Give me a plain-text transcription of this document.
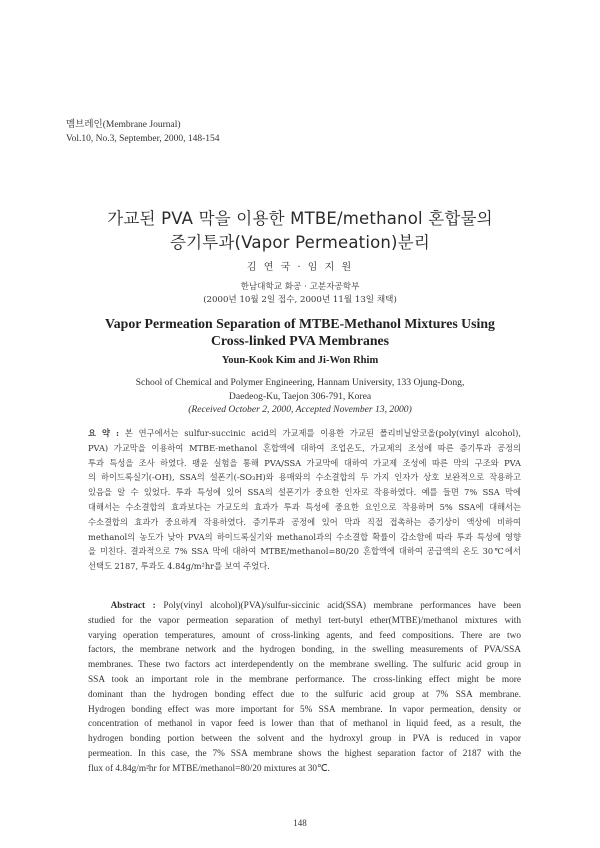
멤브레인(Membrane Journal)
Vol.10, No.3, September, 2000, 148-154
가교된 PVA 막을 이용한 MTBE/methanol 혼합물의
증기투과(Vapor Permeation)분리
김 연 국 · 임 지 원
한남대학교 화공 · 고분자공학부
(2000년 10월 2일 접수, 2000년 11월 13일 채택)
Vapor Permeation Separation of MTBE-Methanol Mixtures Using
Cross-linked PVA Membranes
Youn-Kook Kim and Ji-Won Rhim
School of Chemical and Polymer Engineering, Hannam University, 133 Ojung-Dong,
Daedeog-Ku, Taejon 306-791, Korea
(Received October 2, 2000, Accepted November 13, 2000)
요 약 : 본 연구에서는 sulfur-succinic acid의 가교제를 이용한 가교된 폴리비닐알코올(poly(vinyl alcohol),
PVA) 가교막을 이용하여 MTBE-methanol 혼합액에 대하여 조업온도, 가교제의 조성에 따른 증기투과 공정의
투과 특성을 조사 하였다. 팽윤 실험을 통해 PVA/SSA 가교막에 대하여 가교제 조성에 따른 막의 구조와 PVA
의 하이드록실기(-OH), SSA의 설폰기(-SO₃H)와 용매와의 수소결합의 두 가지 인자가 상호 보완적으로 작용하고
있음을 알 수 있었다. 투과 특성에 있어 SSA의 설폰기가 중요한 인자로 작용하였다. 예를 들면 7% SSA 막에
대해서는 수소결합의 효과보다는 가교도의 효과가 투과 특성에 중요한 요인으로 작용하며 5% SSA에 대해서는
수소결합의 효과가 중요하게 작용하였다. 증기투과 공정에 있어 막과 직접 접촉하는 증기상이 액상에 비하여
methanol의 농도가 낮아 PVA의 하이드록실기와 methanol과의 수소결합 확률이 감소함에 따라 투과 특성에 영향
을 미친다. 결과적으로 7% SSA 막에 대하여 MTBE/methanol=80/20 혼합액에 대하여 공급액의 온도 30℃에서
선택도 2187, 투과도 4.84g/m²hr를 보여 주었다.
Abstract : Poly(vinyl alcohol)(PVA)/sulfur-siccinic acid(SSA) membrane performances have been
studied for the vapor permeation separation of methyl tert-butyl ether(MTBE)/methanol mixtures with
varying operation temperatures, amount of cross-linking agents, and feed compositions. There are two
factors, the membrane network and the hydrogen bonding, in the swelling measurements of PVA/SSA
membranes. These two factors act interdependently on the membrane swelling. The sulfuric acid group in
SSA took an important role in the membrane performance. The cross-linking effect might be more
dominant than the hydrogen bonding effect due to the sulfuric acid group at 7% SSA membrane.
Hydrogen bonding effect was more important for 5% SSA membrane. In vapor permeation, density or
concentration of methanol in vapor feed is lower than that of methanol in liquid feed, as a result, the
hydrogen bonding portion between the solvent and the hydroxyl group in PVA is reduced in vapor
permeation. In this case, the 7% SSA membrane shows the highest separation factor of 2187 with the
flux of 4.84g/m²hr for MTBE/methanol=80/20 mixtures at 30℃.
148
